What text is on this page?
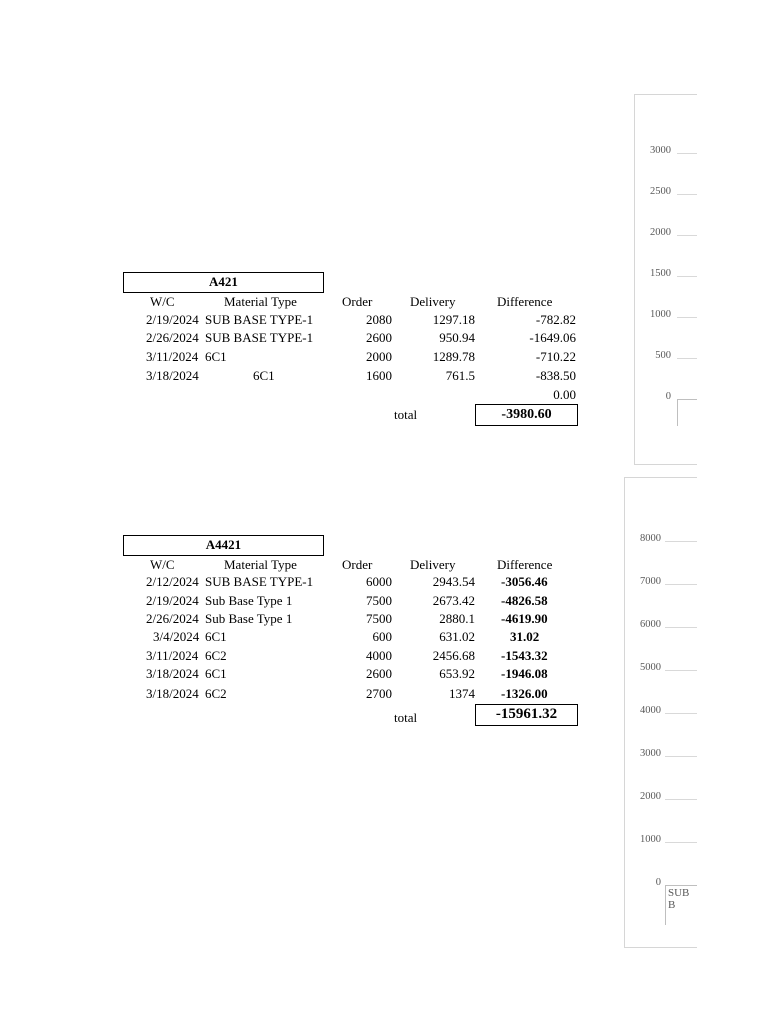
A421
W/C	Material Type	Order	Delivery	Difference
2/19/2024 SUB BASE TYPE-1	2080	1297.18	-782.82
2/26/2024 SUB BASE TYPE-1	2600	950.94	-1649.06
3/11/2024 6C1	2000	1289.78	-710.22
3/18/2024	6C1	1600	761.5	-838.50
0.00
total	-3980.60
A4421
W/C	Material Type	Order	Delivery	Difference
2/12/2024 SUB BASE TYPE-1	6000	2943.54 -3056.46
2/19/2024 Sub Base Type 1	7500	2673.42 -4826.58
2/26/2024 Sub Base Type 1	7500	2880.1 -4619.90
3/4/2024 6C1	600	631.02	31.02
3/11/2024 6C2	4000	2456.68 -1543.32
3/18/2024 6C1	2600	653.92 -1946.08
3/18/2024 6C2	2700	1374 -1326.00
total	-15961.32
3000
2500
2000
1500
1000
500
0
8000
7000
6000
5000
4000
3000
2000
1000
0
SUB B
